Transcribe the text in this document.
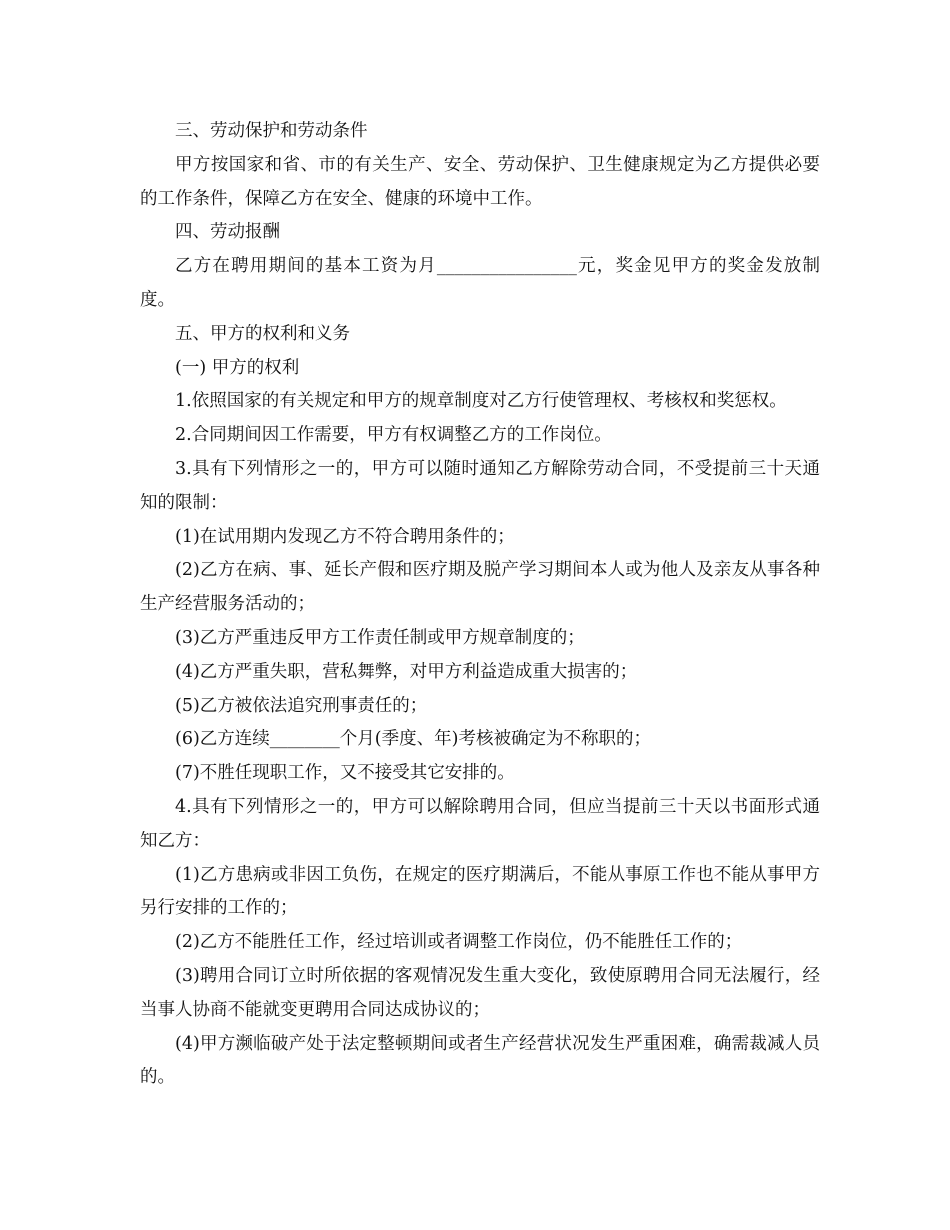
三、劳动保护和劳动条件

甲方按国家和省、市的有关生产、安全、劳动保护、卫生健康规定为乙方提供必要的工作条件，保障乙方在安全、健康的环境中工作。

四、劳动报酬

乙方在聘用期间的基本工资为月________________元，奖金见甲方的奖金发放制度。

五、甲方的权利和义务

(一) 甲方的权利

1.依照国家的有关规定和甲方的规章制度对乙方行使管理权、考核权和奖惩权。

2.合同期间因工作需要，甲方有权调整乙方的工作岗位。

3.具有下列情形之一的，甲方可以随时通知乙方解除劳动合同，不受提前三十天通知的限制：

(1)在试用期内发现乙方不符合聘用条件的；

(2)乙方在病、事、延长产假和医疗期及脱产学习期间本人或为他人及亲友从事各种生产经营服务活动的；

(3)乙方严重违反甲方工作责任制或甲方规章制度的；

(4)乙方严重失职，营私舞弊，对甲方利益造成重大损害的；

(5)乙方被依法追究刑事责任的；

(6)乙方连续________个月(季度、年)考核被确定为不称职的；

(7)不胜任现职工作，又不接受其它安排的。

4.具有下列情形之一的，甲方可以解除聘用合同，但应当提前三十天以书面形式通知乙方：

(1)乙方患病或非因工负伤，在规定的医疗期满后，不能从事原工作也不能从事甲方另行安排的工作的；

(2)乙方不能胜任工作，经过培训或者调整工作岗位，仍不能胜任工作的；

(3)聘用合同订立时所依据的客观情况发生重大变化，致使原聘用合同无法履行，经当事人协商不能就变更聘用合同达成协议的；

(4)甲方濒临破产处于法定整顿期间或者生产经营状况发生严重困难，确需裁减人员的。
